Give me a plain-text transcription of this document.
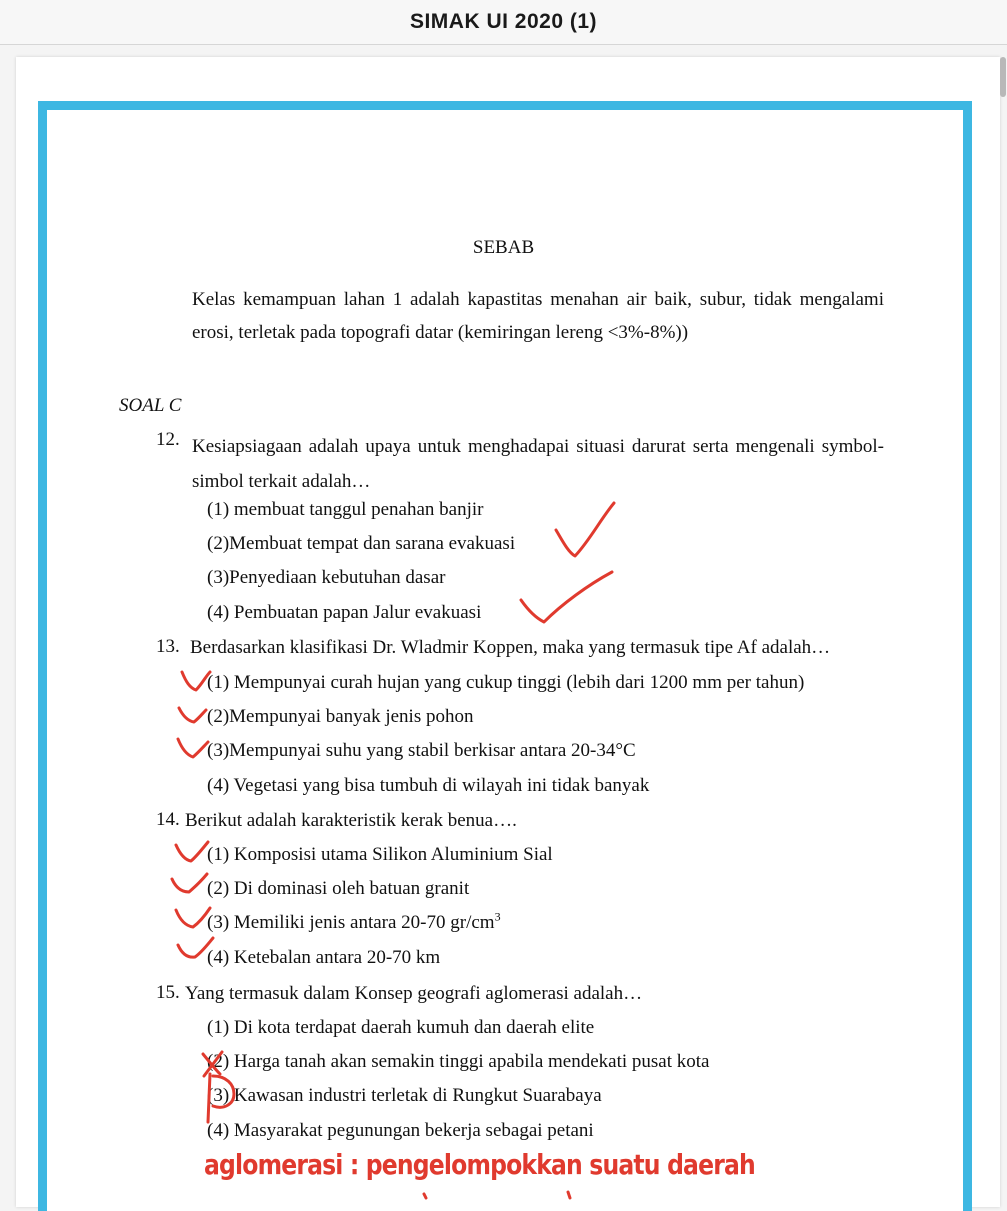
SIMAK UI 2020 (1)
SEBAB
Kelas kemampuan lahan 1 adalah kapastitas menahan air baik, subur, tidak mengalami erosi, terletak pada topografi datar (kemiringan lereng <3%-8%))
SOAL C
12. Kesiapsiagaan adalah upaya untuk menghadapai situasi darurat serta mengenali symbol-simbol terkait adalah…
(1) membuat tanggul penahan banjir
(2)Membuat tempat dan sarana evakuasi
(3)Penyediaan kebutuhan dasar
(4) Pembuatan papan Jalur evakuasi
13. Berdasarkan klasifikasi Dr. Wladmir Koppen, maka yang termasuk tipe Af adalah…
(1) Mempunyai curah hujan yang cukup tinggi (lebih dari 1200 mm per tahun)
(2)Mempunyai banyak jenis pohon
(3)Mempunyai suhu yang stabil berkisar antara 20-34°C
(4) Vegetasi yang bisa tumbuh di wilayah ini tidak banyak
14. Berikut adalah karakteristik kerak benua….
(1) Komposisi utama Silikon Aluminium Sial
(2) Di dominasi oleh batuan granit
(3) Memiliki jenis antara 20-70 $gr/cm^3$
(4) Ketebalan antara 20-70 km
15. Yang termasuk dalam Konsep geografi aglomerasi adalah…
(1) Di kota terdapat daerah kumuh dan daerah elite
(2) Harga tanah akan semakin tinggi apabila mendekati pusat kota
(3) Kawasan industri terletak di Rungkut Suarabaya
(4) Masyarakat pegunungan bekerja sebagai petani
aglomerasi : pengelompokkan suatu daerah
